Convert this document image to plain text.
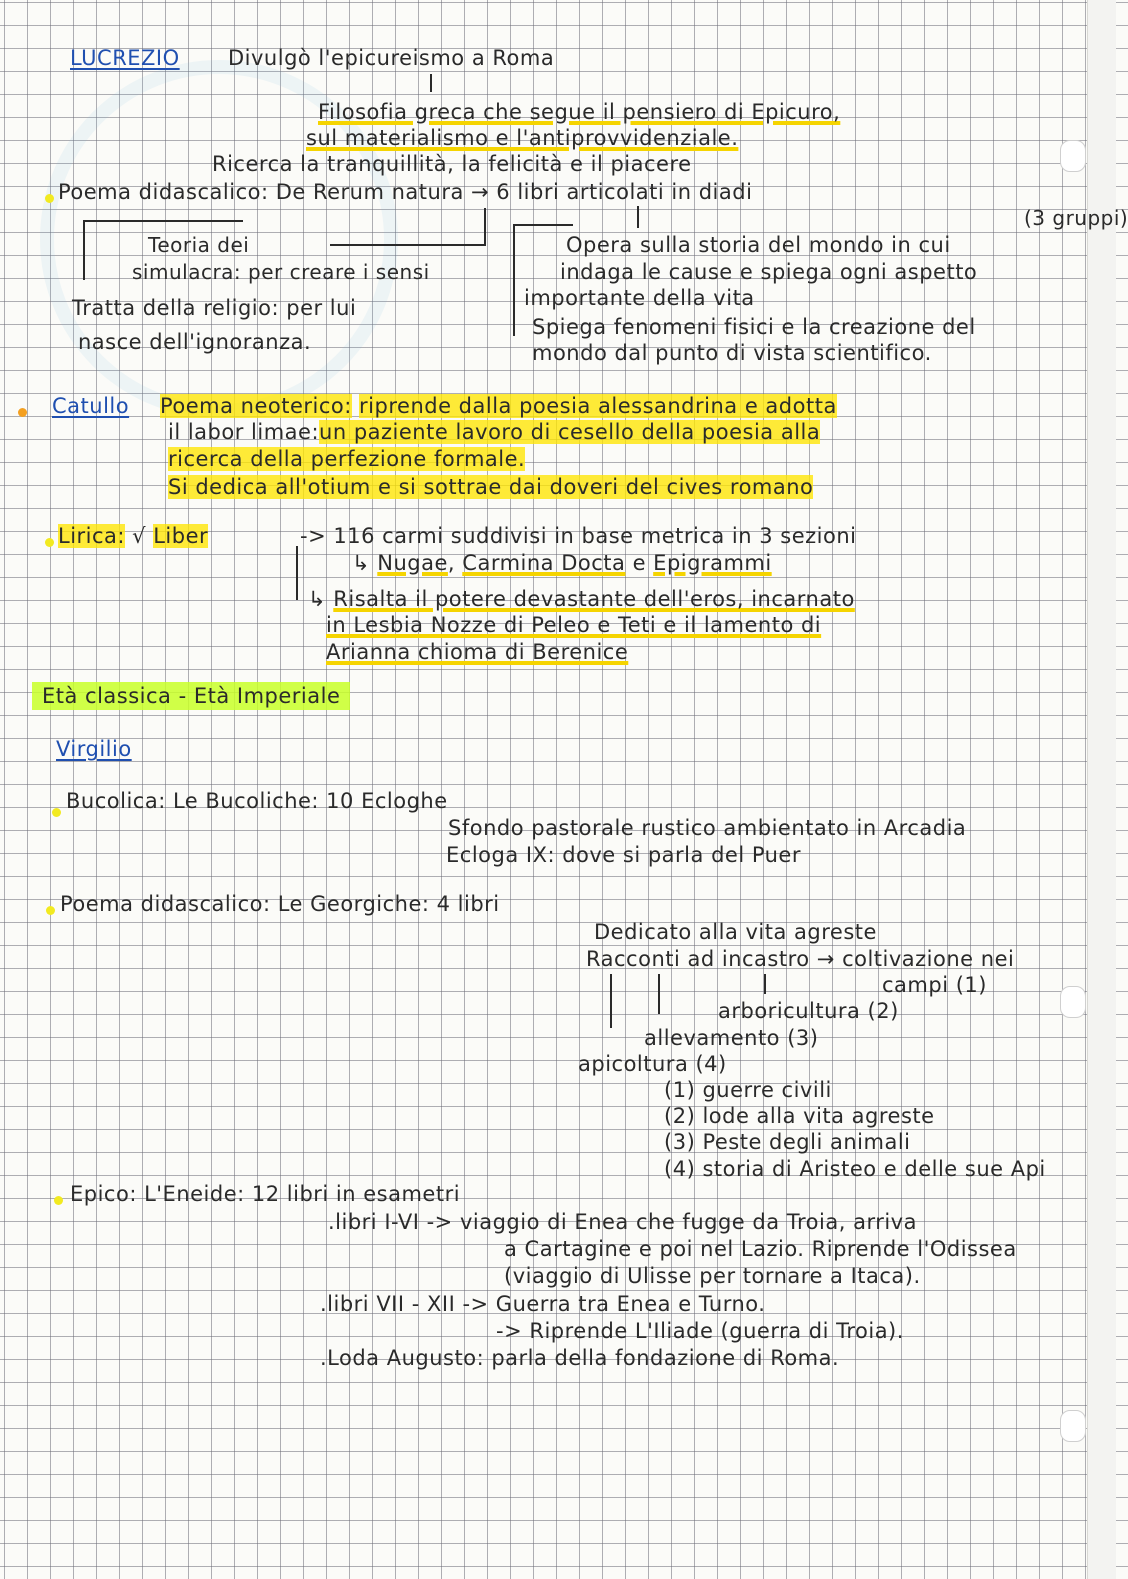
LUCREZIO Divulgò l'epicureismo a Roma
Filosofia greca che segue il pensiero di Epicuro,
sul materialismo e l'antiprovvidenziale.
Ricerca la tranquillità, la felicità e il piacere
Poema didascalico: De Rerum natura → 6 libri articolati in diadi
(3 gruppi)
Teoria dei
simulacra: per creare i sensi
Tratta della religio: per lui
nasce dell'ignoranza.
Opera sulla storia del mondo in cui
indaga le cause e spiega ogni aspetto
importante della vita
Spiega fenomeni fisici e la creazione del
mondo dal punto di vista scientifico.
Catullo Poema neoterico: riprende dalla poesia alessandrina e adotta
il labor limae:un paziente lavoro di cesello della poesia alla
ricerca della perfezione formale.
Si dedica all'otium e si sottrae dai doveri del cives romano
Lirica: √ Liber	-> 116 carmi suddivisi in base metrica in 3 sezioni
↳ Nugae, Carmina Docta e Epigrammi
↳ Risalta il potere devastante dell'eros, incarnato
in Lesbia Nozze di Peleo e Teti e il lamento di
Arianna chioma di Berenice
Età classica - Età Imperiale
Virgilio
Bucolica: Le Bucoliche: 10 Ecloghe
Sfondo pastorale rustico ambientato in Arcadia
Ecloga IX: dove si parla del Puer
Poema didascalico: Le Georgiche: 4 libri
Dedicato alla vita agreste
Racconti ad incastro → coltivazione nei
campi (1)
arboricultura (2)
allevamento (3)
apicoltura (4)
(1) guerre civili
(2) lode alla vita agreste
(3) Peste degli animali
(4) storia di Aristeo e delle sue Api
Epico: L'Eneide: 12 libri in esametri
.libri I-VI -> viaggio di Enea che fugge da Troia, arriva
a Cartagine e poi nel Lazio. Riprende l'Odissea
(viaggio di Ulisse per tornare a Itaca).
.libri VII - XII -> Guerra tra Enea e Turno.
-> Riprende L'Iliade (guerra di Troia).
.Loda Augusto: parla della fondazione di Roma.
